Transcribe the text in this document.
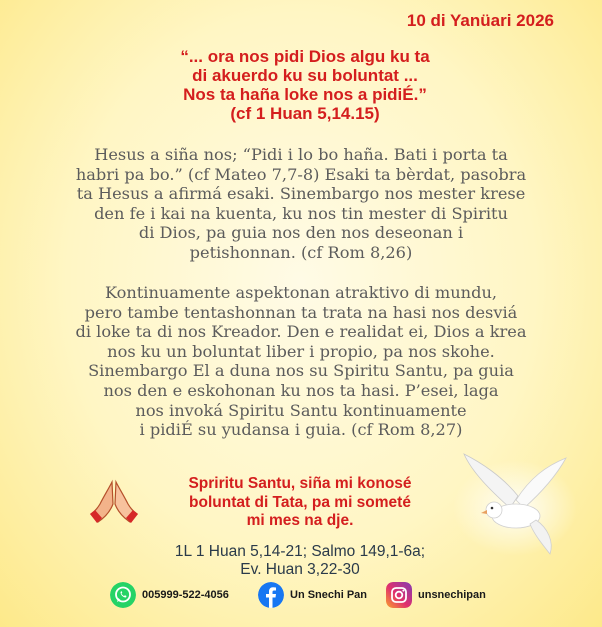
10 di Yanüari 2026
“... ora nos pidi Dios algu ku ta
di akuerdo ku su boluntat ...
Nos ta haña loke nos a pidiÉ.”
(cf 1 Huan 5,14.15)
Hesus a siña nos; “Pidi i lo bo haña. Bati i porta ta
habri pa bo.” (cf Mateo 7,7-8) Esaki ta bèrdat, pasobra
ta Hesus a afirmá esaki. Sinembargo nos mester krese
den fe i kai na kuenta, ku nos tin mester di Spiritu
di Dios, pa guia nos den nos deseonan i
petishonnan. (cf Rom 8,26)
Kontinuamente aspektonan atraktivo di mundu,
pero tambe tentashonnan ta trata na hasi nos desviá
di loke ta di nos Kreador. Den e realidat ei, Dios a krea
nos ku un boluntat liber i propio, pa nos skohe.
Sinembargo El a duna nos su Spiritu Santu, pa guia
nos den e eskohonan ku nos ta hasi. P’esei, laga
nos invoká Spiritu Santu kontinuamente
i pidiÉ su yudansa i guia. (cf Rom 8,27)
Spriritu Santu, siña mi konosé
boluntat di Tata, pa mi someté
mi mes na dje.
1L 1 Huan 5,14-21; Salmo 149,1-6a;
Ev. Huan 3,22-30
005999-522-4056	Un Snechi Pan	unsnechipan
